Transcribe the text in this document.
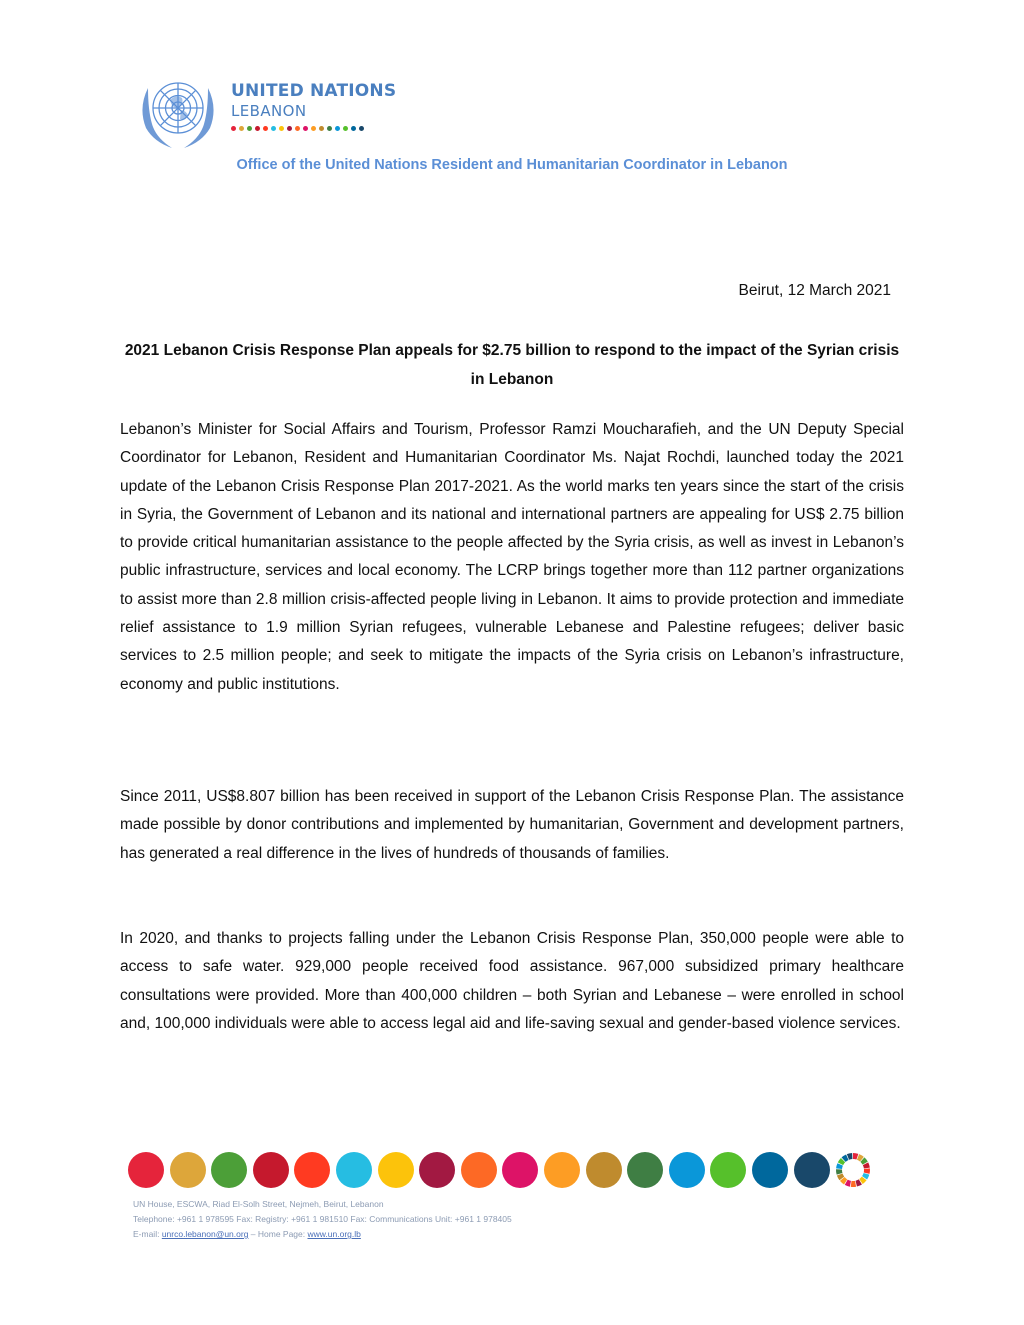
UNITED NATIONS
LEBANON
Office of the United Nations Resident and Humanitarian Coordinator in Lebanon
Beirut, 12 March 2021
2021 Lebanon Crisis Response Plan appeals for $2.75 billion to respond to the impact of the Syrian crisis in Lebanon

Lebanon’s Minister for Social Affairs and Tourism, Professor Ramzi Moucharafieh, and the UN Deputy Special Coordinator for Lebanon, Resident and Humanitarian Coordinator Ms. Najat Rochdi, launched today the 2021 update of the Lebanon Crisis Response Plan 2017-2021. As the world marks ten years since the start of the crisis in Syria, the Government of Lebanon and its national and international partners are appealing for US$ 2.75 billion to provide critical humanitarian assistance to the people affected by the Syria crisis, as well as invest in Lebanon’s public infrastructure, services and local economy. The LCRP brings together more than 112 partner organizations to assist more than 2.8 million crisis-affected people living in Lebanon. It aims to provide protection and immediate relief assistance to 1.9 million Syrian refugees, vulnerable Lebanese and Palestine refugees; deliver basic services to 2.5 million people; and seek to mitigate the impacts of the Syria crisis on Lebanon’s infrastructure, economy and public institutions.

Since 2011, US$8.807 billion has been received in support of the Lebanon Crisis Response Plan. The assistance made possible by donor contributions and implemented by humanitarian, Government and development partners, has generated a real difference in the lives of hundreds of thousands of families.

In 2020, and thanks to projects falling under the Lebanon Crisis Response Plan, 350,000 people were able to access to safe water. 929,000 people received food assistance. 967,000 subsidized primary healthcare consultations were provided. More than 400,000 children – both Syrian and Lebanese – were enrolled in school and, 100,000 individuals were able to access legal aid and life-saving sexual and gender-based violence services.

UN House, ESCWA, Riad El-Solh Street, Nejmeh, Beirut, Lebanon
Telephone: +961 1 978595 Fax: Registry: +961 1 981510 Fax: Communications Unit: +961 1 978405
E-mail: unrco.lebanon@un.org – Home Page: www.un.org.lb
